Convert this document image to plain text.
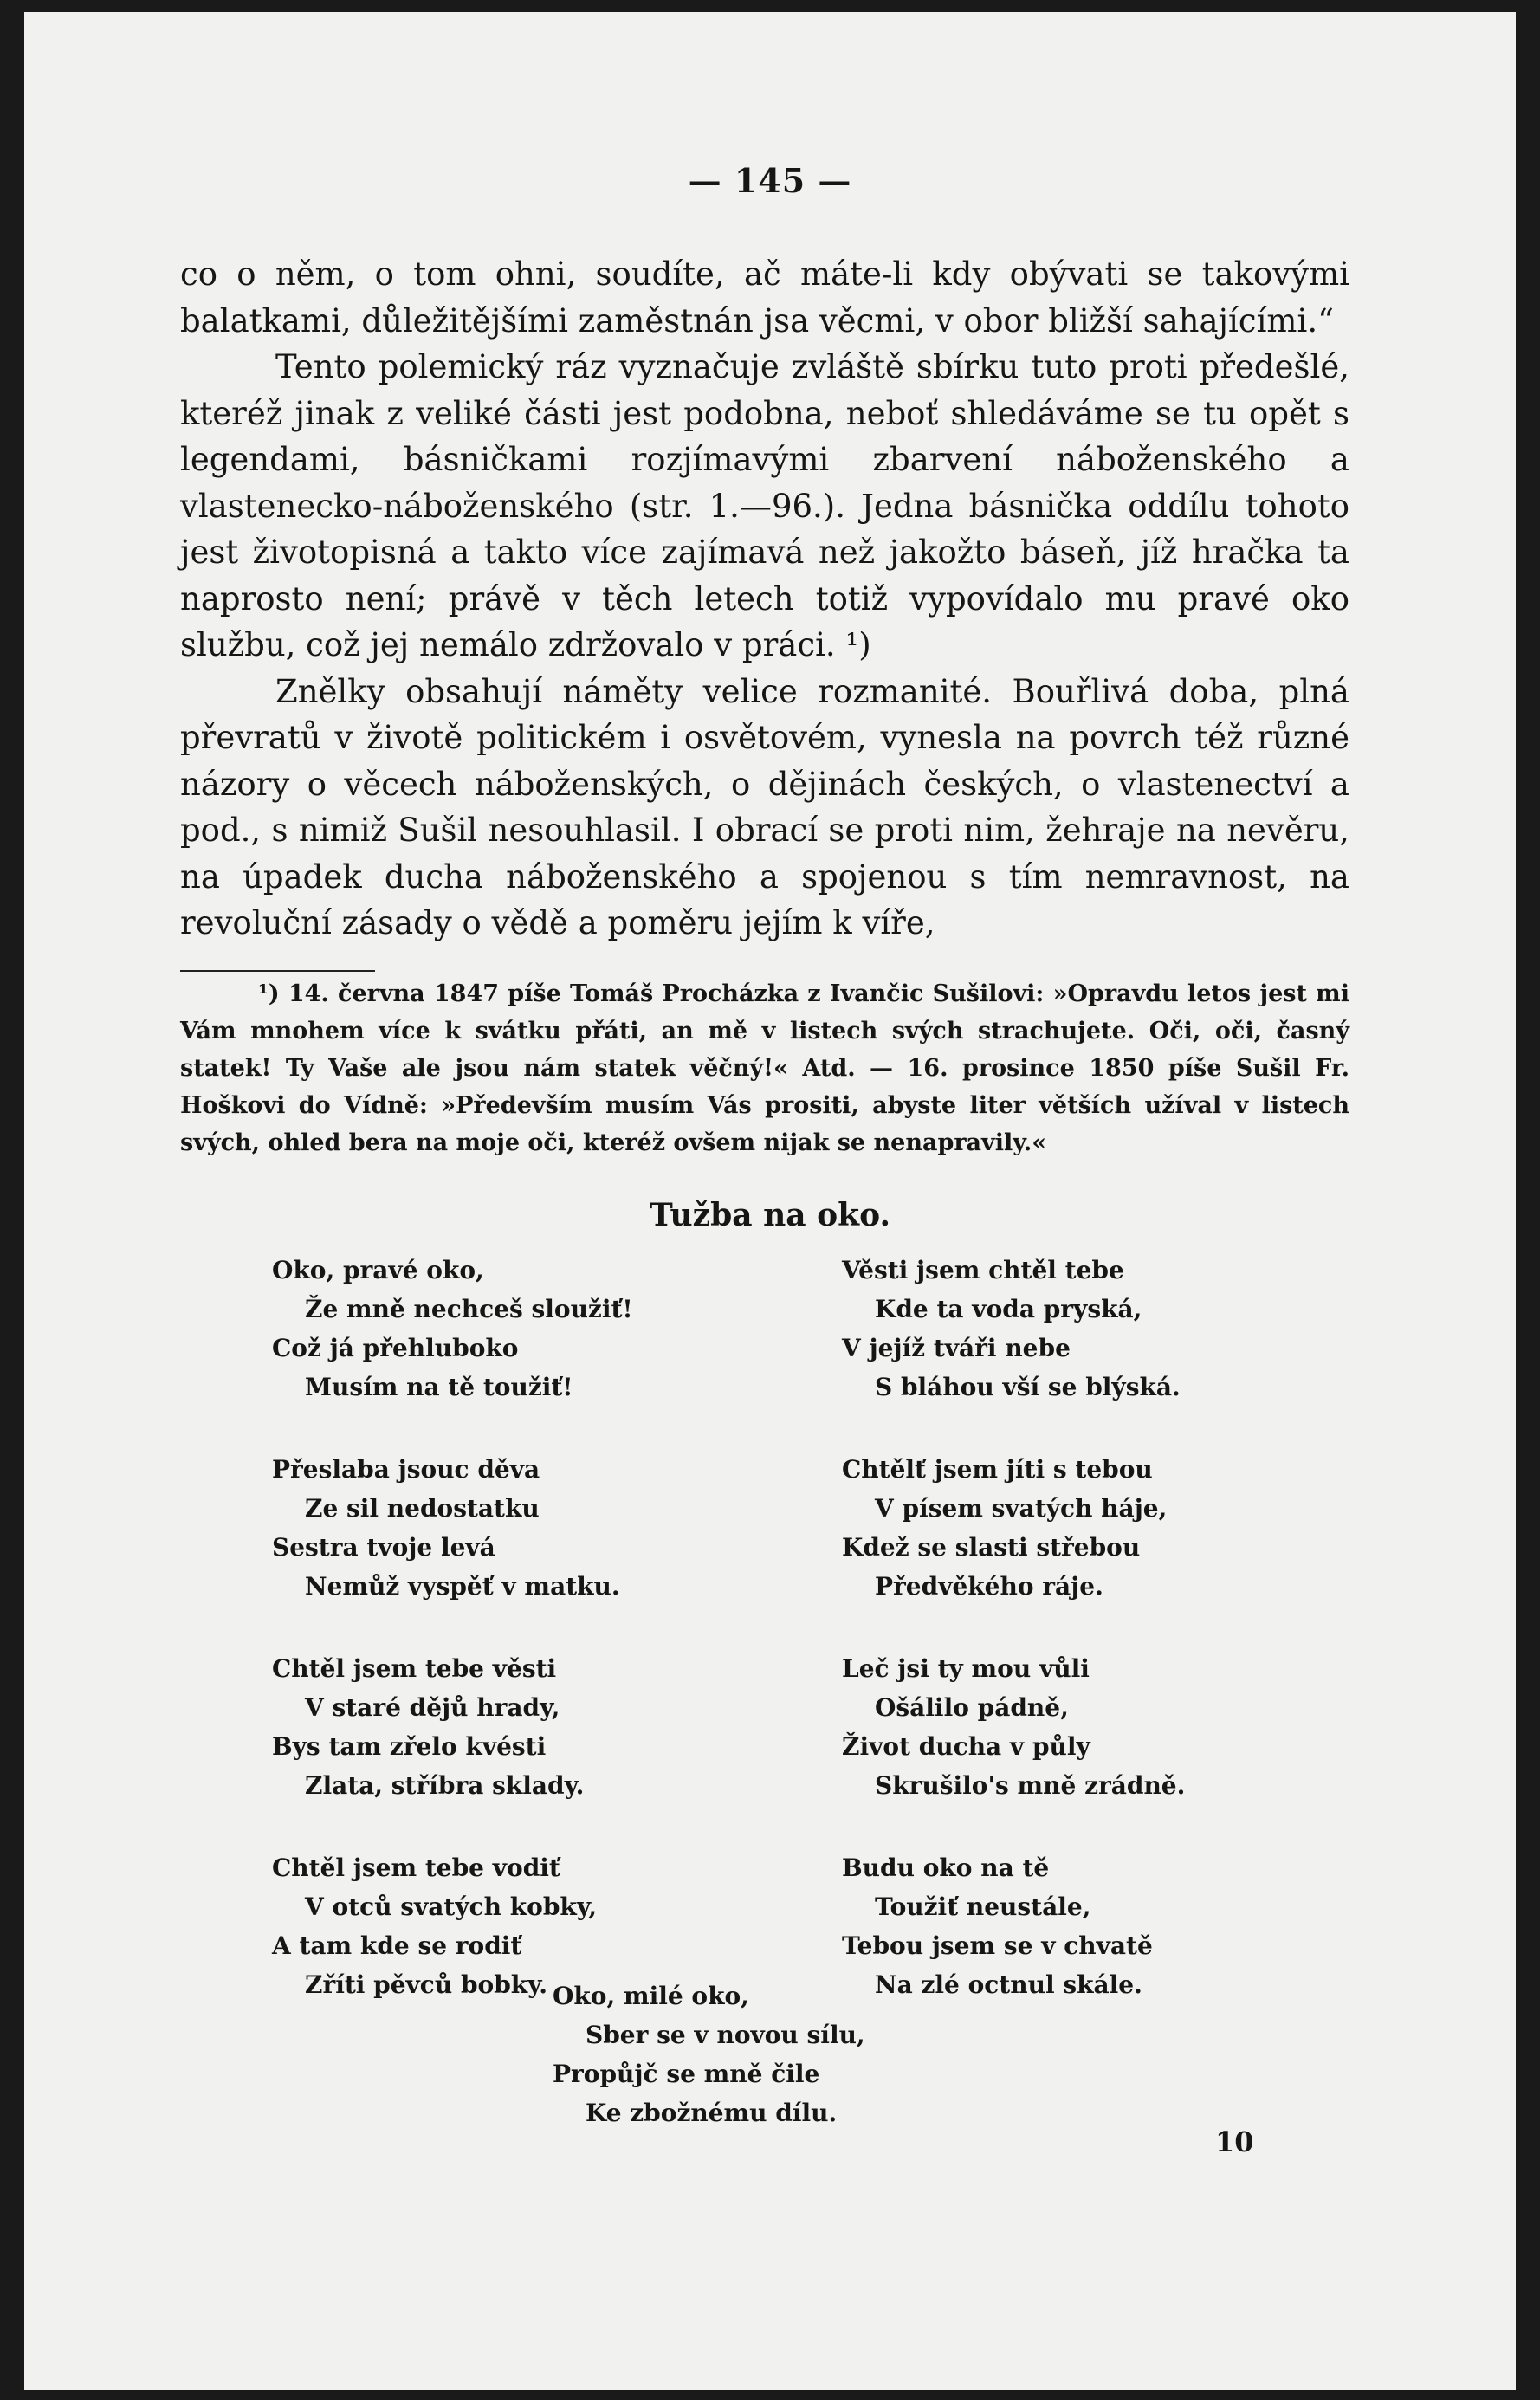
— 145 —

co o něm, o tom ohni, soudíte, ač máte-li kdy obývati se takovými balatkami, důležitějšími zaměstnán jsa věcmi, v obor bližší sahajícími.“

Tento polemický ráz vyznačuje zvláště sbírku tuto proti předešlé, kteréž jinak z veliké části jest podobna, neboť shledáváme se tu opět s legendami, básničkami rozjímavými zbarvení náboženského a vlastenecko-náboženského (str. 1.—96.). Jedna básnička oddílu tohoto jest životopisná a takto více zajímavá než jakožto báseň, jíž hračka ta naprosto není; právě v těch letech totiž vypovídalo mu pravé oko službu, což jej nemálo zdržovalo v práci. ¹)

Znělky obsahují náměty velice rozmanité. Bouřlivá doba, plná převratů v životě politickém i osvětovém, vynesla na povrch též různé názory o věcech náboženských, o dějinách českých, o vlastenectví a pod., s nimiž Sušil nesouhlasil. I obrací se proti nim, žehraje na nevěru, na úpadek ducha náboženského a spojenou s tím nemravnost, na revoluční zásady o vědě a poměru jejím k víře,

¹) 14. června 1847 píše Tomáš Procházka z Ivančic Sušilovi: »Opravdu letos jest mi Vám mnohem více k svátku přáti, an mě v listech svých strachujete. Oči, oči, časný statek! Ty Vaše ale jsou nám statek věčný!« Atd. — 16. prosince 1850 píše Sušil Fr. Hoškovi do Vídně: »Především musím Vás prositi, abyste liter větších užíval v listech svých, ohled bera na moje oči, kteréž ovšem nijak se nenapravily.«

Tužba na oko.
Oko, pravé oko,
Že mně nechceš sloužiť!
Což já přehluboko
Musím na tě toužiť!
Přeslaba jsouc děva
Ze sil nedostatku
Sestra tvoje levá
Nemůž vyspěť v matku.
Chtěl jsem tebe věsti
V staré dějů hrady,
Bys tam zřelo kvésti
Zlata, stříbra sklady.
Chtěl jsem tebe vodiť
V otců svatých kobky,
A tam kde se rodiť
Zříti pěvců bobky.
Věsti jsem chtěl tebe
Kde ta voda pryská,
V jejíž tváři nebe
S bláhou vší se blýská.
Chtělť jsem jíti s tebou
V písem svatých háje,
Kdež se slasti střebou
Předvěkého ráje.
Leč jsi ty mou vůli
Ošálilo pádně,
Život ducha v půly
Skrušilo's mně zrádně.
Budu oko na tě
Toužiť neustále,
Tebou jsem se v chvatě
Na zlé octnul skále.
Oko, milé oko,
Sber se v novou sílu,
Propůjč se mně čile
Ke zbožnému dílu.
10
